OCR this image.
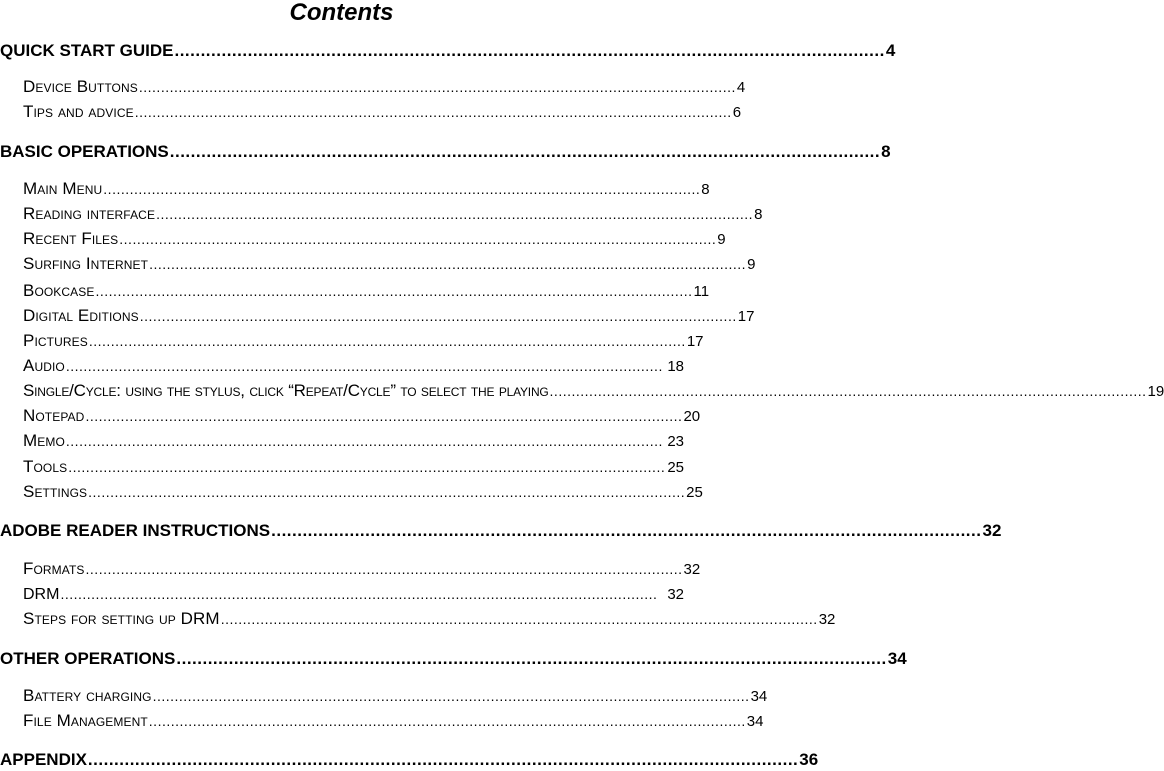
Contents
QUICK START GUIDE ........................................................................................................................................ 4
Device Buttons ........................................................................................................................................ 4
Tips and advice ........................................................................................................................................ 6
BASIC OPERATIONS ........................................................................................................................................ 8
Main Menu ........................................................................................................................................ 8
Reading interface ........................................................................................................................................ 8
Recent Files ........................................................................................................................................ 9
Surfing Internet ........................................................................................................................................ 9
Bookcase ........................................................................................................................................ 11
Digital Editions ........................................................................................................................................ 17
Pictures ........................................................................................................................................ 17
Audio ........................................................................................................................................ 18
Single/Cycle: using the stylus, click “Repeat/Cycle” to select the playing ........................................................................................................................................ 19
Notepad ........................................................................................................................................ 20
Memo ........................................................................................................................................ 23
Tools ........................................................................................................................................ 25
Settings ........................................................................................................................................ 25
ADOBE READER INSTRUCTIONS ........................................................................................................................................ 32
Formats ........................................................................................................................................ 32
DRM ........................................................................................................................................ 32
Steps for setting up DRM ........................................................................................................................................ 32
OTHER OPERATIONS ........................................................................................................................................ 34
Battery charging ........................................................................................................................................ 34
File Management ........................................................................................................................................ 34
APPENDIX ........................................................................................................................................ 36
